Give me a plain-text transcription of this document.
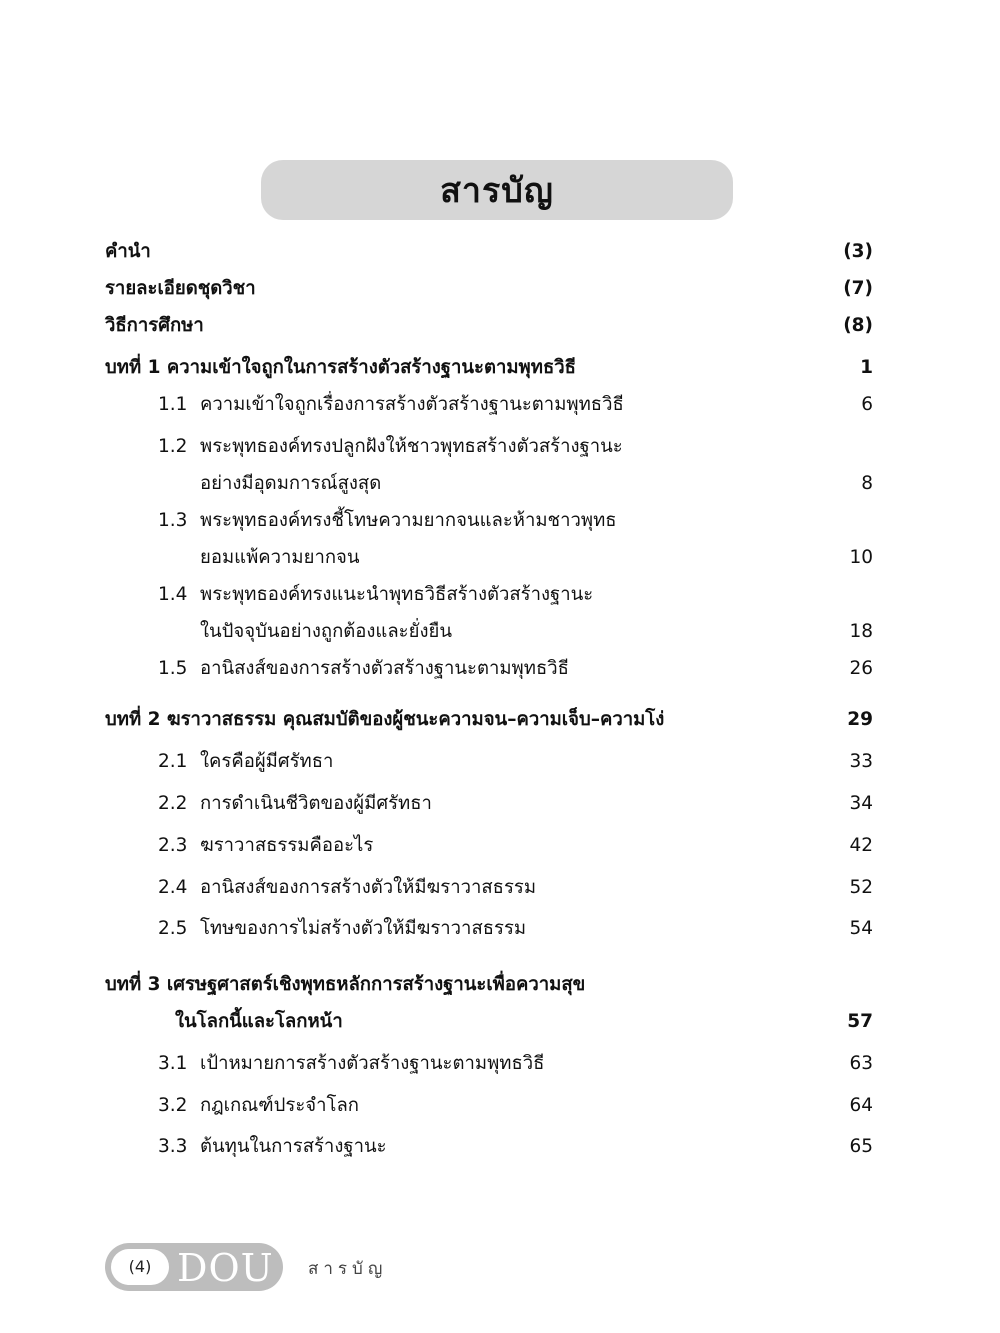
สารบัญ
คำนำ	(3)
รายละเอียดชุดวิชา	(7)
วิธีการศึกษา	(8)
บทที่ 1 ความเข้าใจถูกในการสร้างตัวสร้างฐานะตามพุทธวิธี	1
1.1 ความเข้าใจถูกเรื่องการสร้างตัวสร้างฐานะตามพุทธวิธี	6
1.2 พระพุทธองค์ทรงปลูกฝังให้ชาวพุทธสร้างตัวสร้างฐานะ
อย่างมีอุดมการณ์สูงสุด	8
1.3 พระพุทธองค์ทรงชี้โทษความยากจนและห้ามชาวพุทธ
ยอมแพ้ความยากจน	10
1.4 พระพุทธองค์ทรงแนะนำพุทธวิธีสร้างตัวสร้างฐานะ
ในปัจจุบันอย่างถูกต้องและยั่งยืน	18
1.5 อานิสงส์ของการสร้างตัวสร้างฐานะตามพุทธวิธี	26
บทที่ 2 ฆราวาสธรรม คุณสมบัติของผู้ชนะความจน–ความเจ็บ–ความโง่	29
2.1 ใครคือผู้มีศรัทธา	33
2.2 การดำเนินชีวิตของผู้มีศรัทธา	34
2.3 ฆราวาสธรรมคืออะไร	42
2.4 อานิสงส์ของการสร้างตัวให้มีฆราวาสธรรม	52
2.5 โทษของการไม่สร้างตัวให้มีฆราวาสธรรม	54
บทที่ 3 เศรษฐศาสตร์เชิงพุทธหลักการสร้างฐานะเพื่อความสุข
ในโลกนี้และโลกหน้า	57
3.1 เป้าหมายการสร้างตัวสร้างฐานะตามพุทธวิธี	63
3.2 กฎเกณฑ์ประจำโลก	64
3.3 ต้นทุนในการสร้างฐานะ	65
(4) DOU สารบัญ
